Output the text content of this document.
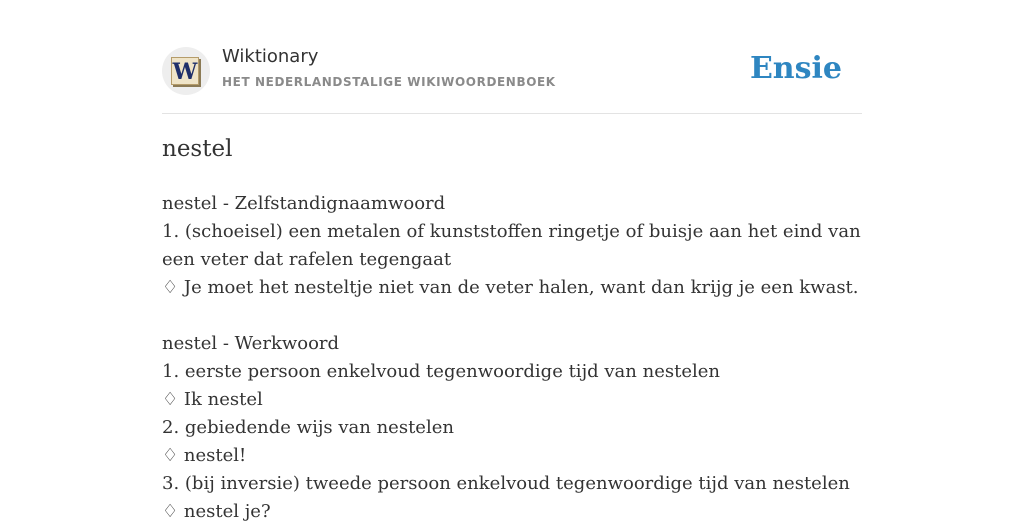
W
Wiktionary
HET NEDERLANDSTALIGE WIKIWOORDENBOEK	Ensie
nestel

nestel - Zelfstandignaamwoord

1. (schoeisel) een metalen of kunststoffen ringetje of buisje aan het eind van een veter dat rafelen tegengaat

♢ Je moet het nesteltje niet van de veter halen, want dan krijg je een kwast.

nestel - Werkwoord

1. eerste persoon enkelvoud tegenwoordige tijd van nestelen

♢ Ik nestel

2. gebiedende wijs van nestelen

♢ nestel!

3. (bij inversie) tweede persoon enkelvoud tegenwoordige tijd van nestelen

♢ nestel je?
